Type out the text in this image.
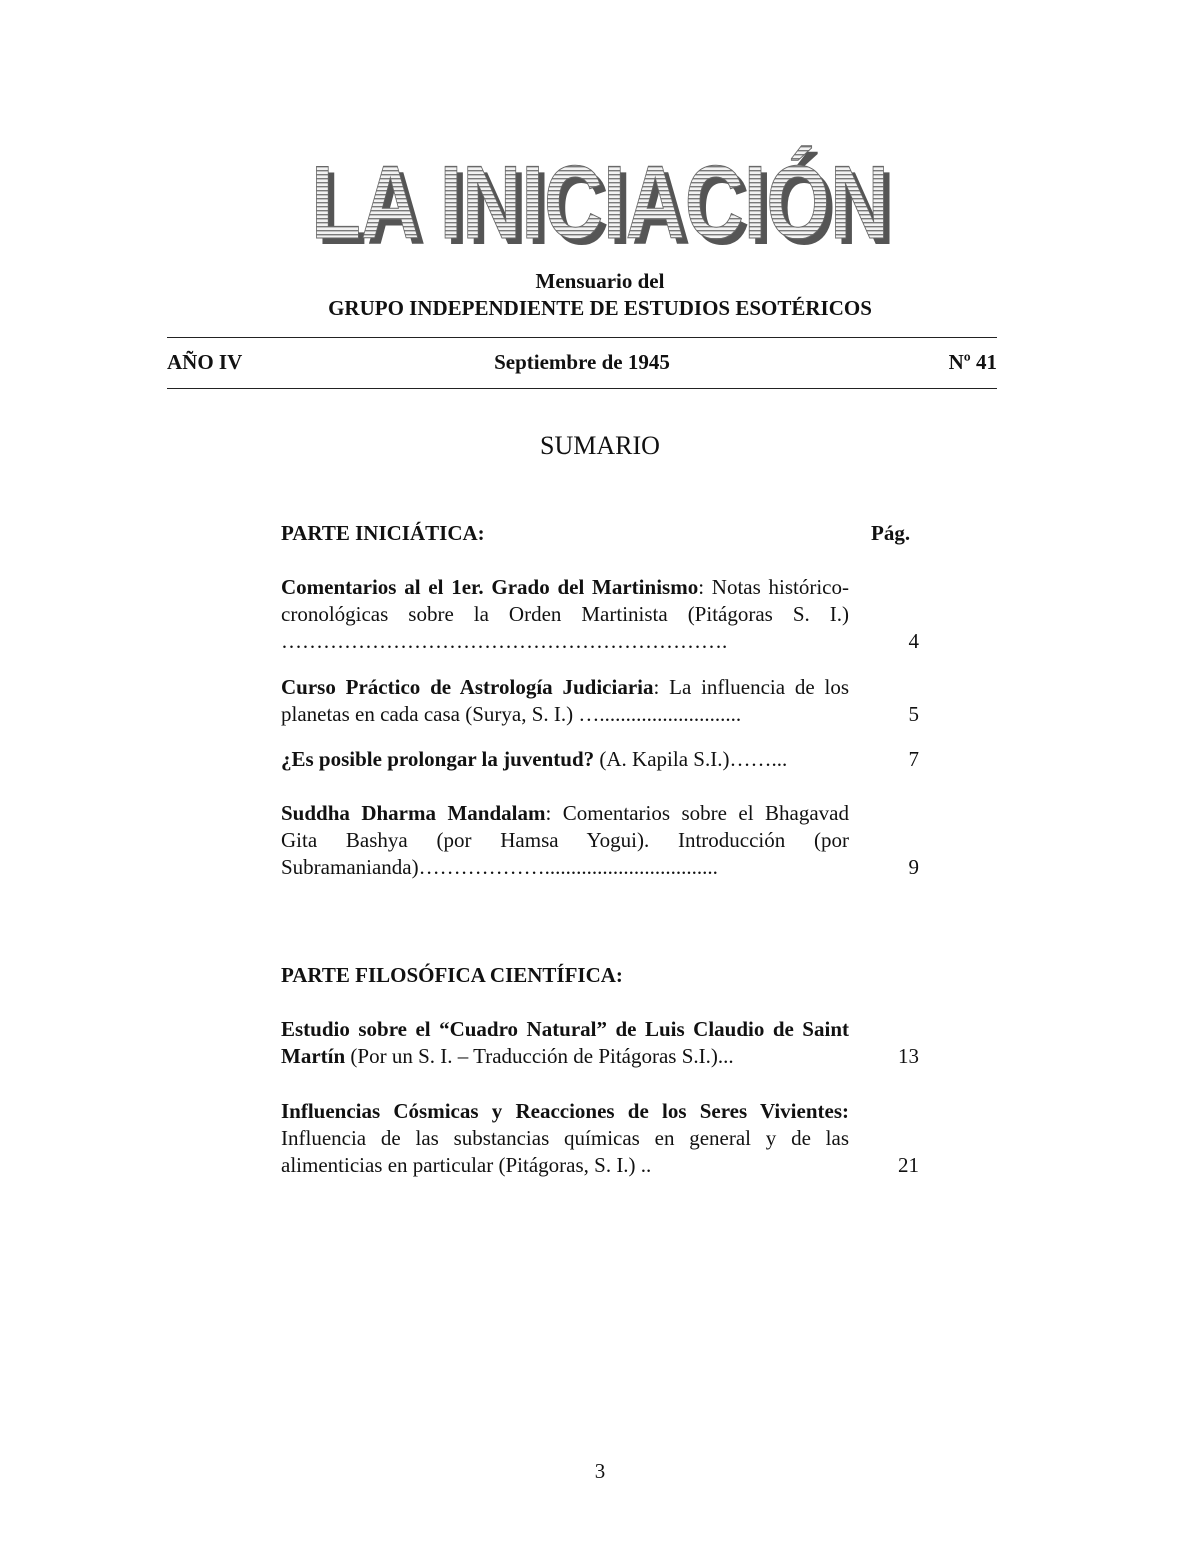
LA INICIACIÓN
LA INICIACIÓN
Mensuario del
GRUPO INDEPENDIENTE DE ESTUDIOS ESOTÉRICOS
Septiembre de 1945
AÑO IV	Nº 41
SUMARIO
PARTE INICIÁTICA:	Pág.
Comentarios al el 1er. Grado del Martinismo: Notas histórico-cronológicas sobre la Orden Martinista (Pitágoras S. I.) ……………………………………………………….	4
Curso Práctico de Astrología Judiciaria: La influencia de los planetas en cada casa (Surya, S. I.) …...........................	5
¿Es posible prolongar la juventud? (A. Kapila S.I.)……...	7
Suddha Dharma Mandalam: Comentarios sobre el Bhagavad Gita Bashya (por Hamsa Yogui). Introducción (por Subramanianda)……………….................................	9
PARTE FILOSÓFICA CIENTÍFICA:
Estudio sobre el “Cuadro Natural” de Luis Claudio de Saint Martín (Por un S. I. – Traducción de Pitágoras S.I.)...	13
Influencias Cósmicas y Reacciones de los Seres Vivientes: Influencia de las substancias químicas en general y de las alimenticias en particular (Pitágoras, S. I.) ..	21
3
